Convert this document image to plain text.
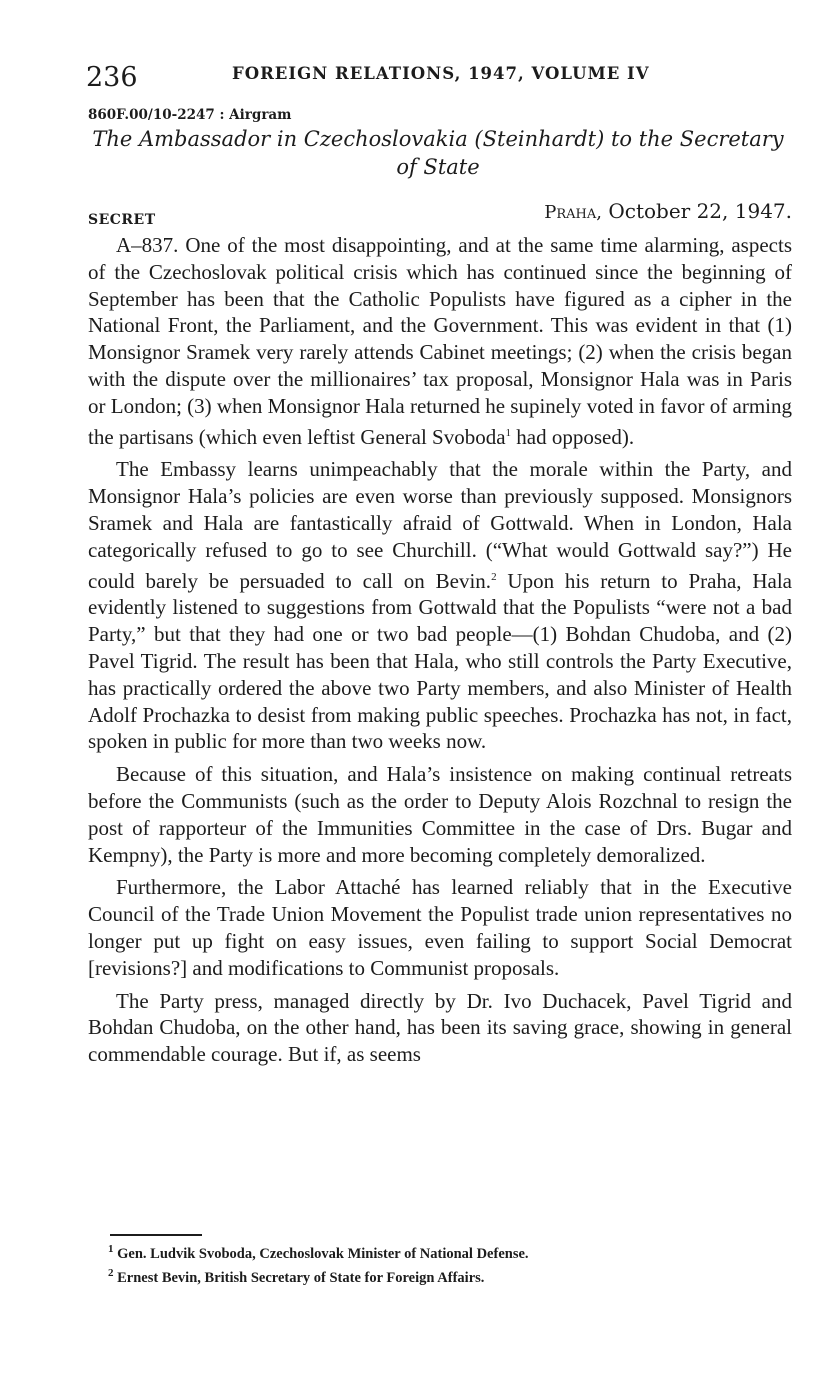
236	FOREIGN RELATIONS, 1947, VOLUME IV
860F.00/10-2247 : Airgram
The Ambassador in Czechoslovakia (Steinhardt) to the Secretary of State
SECRET	Praha, October 22, 1947.

A–837. One of the most disappointing, and at the same time alarming, aspects of the Czechoslovak political crisis which has continued since the beginning of September has been that the Catholic Populists have figured as a cipher in the National Front, the Parliament, and the Government. This was evident in that (1) Monsignor Sramek very rarely attends Cabinet meetings; (2) when the crisis began with the dispute over the millionaires’ tax proposal, Monsignor Hala was in Paris or London; (3) when Monsignor Hala returned he supinely voted in favor of arming the partisans (which even leftist General Svoboda$^1$ had opposed).

The Embassy learns unimpeachably that the morale within the Party, and Monsignor Hala’s policies are even worse than previously supposed. Monsignors Sramek and Hala are fantastically afraid of Gottwald. When in London, Hala categorically refused to go to see Churchill. (“What would Gottwald say?”) He could barely be persuaded to call on Bevin.$^2$ Upon his return to Praha, Hala evidently listened to suggestions from Gottwald that the Populists “were not a bad Party,” but that they had one or two bad people—(1) Bohdan Chudoba, and (2) Pavel Tigrid. The result has been that Hala, who still controls the Party Executive, has practically ordered the above two Party members, and also Minister of Health Adolf Prochazka to desist from making public speeches. Prochazka has not, in fact, spoken in public for more than two weeks now.

Because of this situation, and Hala’s insistence on making continual retreats before the Communists (such as the order to Deputy Alois Rozchnal to resign the post of rapporteur of the Immunities Committee in the case of Drs. Bugar and Kempny), the Party is more and more becoming completely demoralized.

Furthermore, the Labor Attaché has learned reliably that in the Executive Council of the Trade Union Movement the Populist trade union representatives no longer put up fight on easy issues, even failing to support Social Democrat [revisions?] and modifications to Communist proposals.

The Party press, managed directly by Dr. Ivo Duchacek, Pavel Tigrid and Bohdan Chudoba, on the other hand, has been its saving grace, showing in general commendable courage. But if, as seems

$^1$ Gen. Ludvik Svoboda, Czechoslovak Minister of National Defense.
$^2$ Ernest Bevin, British Secretary of State for Foreign Affairs.
